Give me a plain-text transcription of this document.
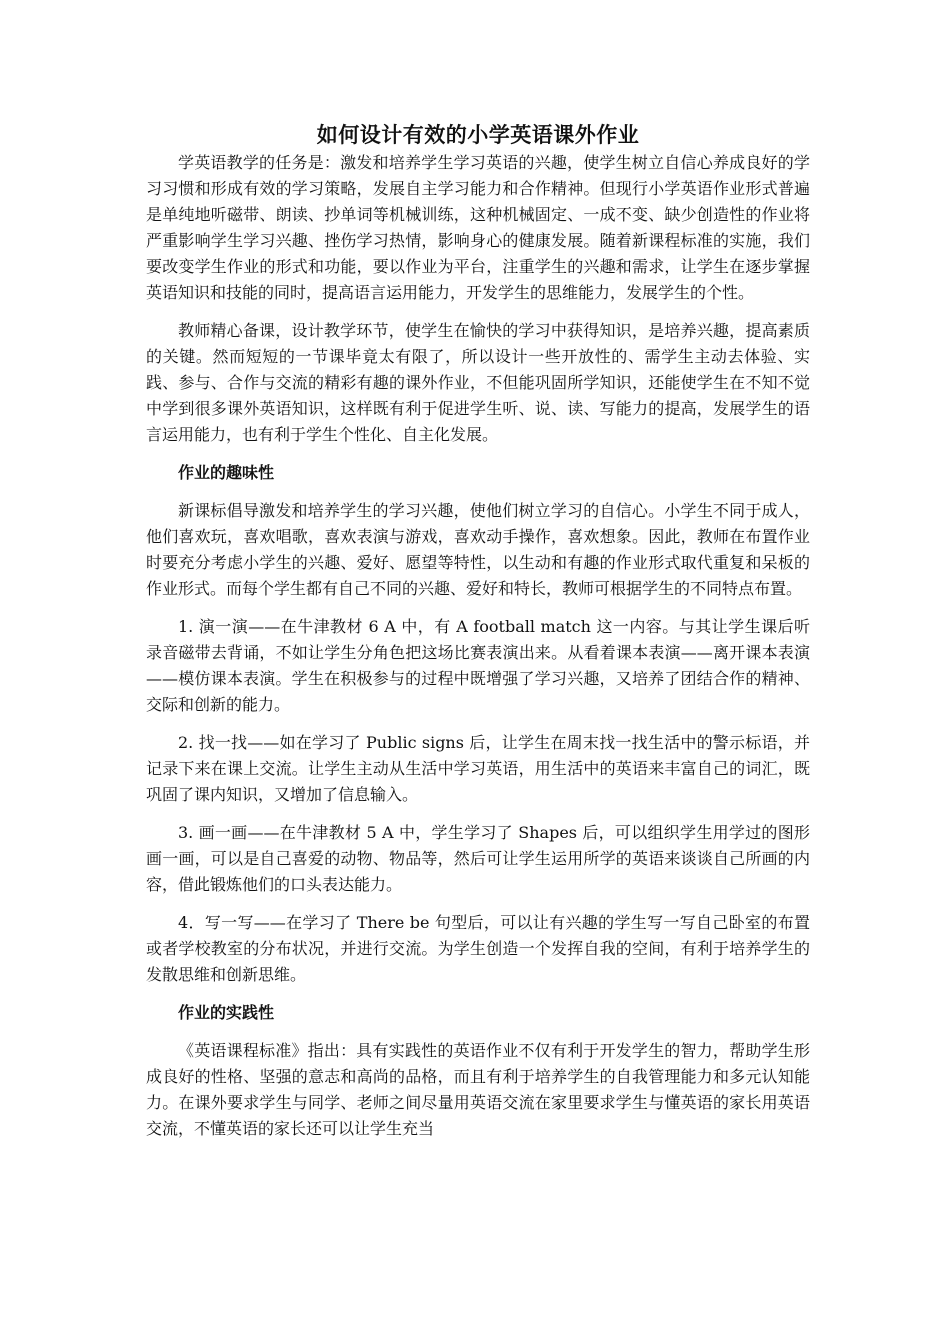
如何设计有效的小学英语课外作业

学英语教学的任务是：激发和培养学生学习英语的兴趣，使学生树立自信心养成良好的学习习惯和形成有效的学习策略，发展自主学习能力和合作精神。但现行小学英语作业形式普遍是单纯地听磁带、朗读、抄单词等机械训练，这种机械固定、一成不变、缺少创造性的作业将严重影响学生学习兴趣、挫伤学习热情，影响身心的健康发展。随着新课程标准的实施，我们要改变学生作业的形式和功能，要以作业为平台，注重学生的兴趣和需求，让学生在逐步掌握英语知识和技能的同时，提高语言运用能力，开发学生的思维能力，发展学生的个性。

教师精心备课，设计教学环节，使学生在愉快的学习中获得知识，是培养兴趣，提高素质的关键。然而短短的一节课毕竟太有限了，所以设计一些开放性的、需学生主动去体验、实践、参与、合作与交流的精彩有趣的课外作业，不但能巩固所学知识，还能使学生在不知不觉中学到很多课外英语知识，这样既有利于促进学生听、说、读、写能力的提高，发展学生的语言运用能力，也有利于学生个性化、自主化发展。

作业的趣味性

新课标倡导激发和培养学生的学习兴趣，使他们树立学习的自信心。小学生不同于成人，他们喜欢玩，喜欢唱歌，喜欢表演与游戏，喜欢动手操作，喜欢想象。因此，教师在布置作业时要充分考虑小学生的兴趣、爱好、愿望等特性，以生动和有趣的作业形式取代重复和呆板的作业形式。而每个学生都有自己不同的兴趣、爱好和特长，教师可根据学生的不同特点布置。

1. 演一演——在牛津教材 6 A 中，有 A football match 这一内容。与其让学生课后听录音磁带去背诵，不如让学生分角色把这场比赛表演出来。从看着课本表演——离开课本表演——模仿课本表演。学生在积极参与的过程中既增强了学习兴趣，又培养了团结合作的精神、交际和创新的能力。

2. 找一找——如在学习了 Public signs 后，让学生在周末找一找生活中的警示标语，并记录下来在课上交流。让学生主动从生活中学习英语，用生活中的英语来丰富自己的词汇，既巩固了课内知识，又增加了信息输入。

3. 画一画——在牛津教材 5 A 中，学生学习了 Shapes 后，可以组织学生用学过的图形画一画，可以是自己喜爱的动物、物品等，然后可让学生运用所学的英语来谈谈自己所画的内容，借此锻炼他们的口头表达能力。

4．写一写——在学习了 There be 句型后，可以让有兴趣的学生写一写自己卧室的布置或者学校教室的分布状况，并进行交流。为学生创造一个发挥自我的空间，有利于培养学生的发散思维和创新思维。

作业的实践性

《英语课程标准》指出：具有实践性的英语作业不仅有利于开发学生的智力，帮助学生形成良好的性格、坚强的意志和高尚的品格，而且有利于培养学生的自我管理能力和多元认知能力。在课外要求学生与同学、老师之间尽量用英语交流在家里要求学生与懂英语的家长用英语交流，不懂英语的家长还可以让学生充当
